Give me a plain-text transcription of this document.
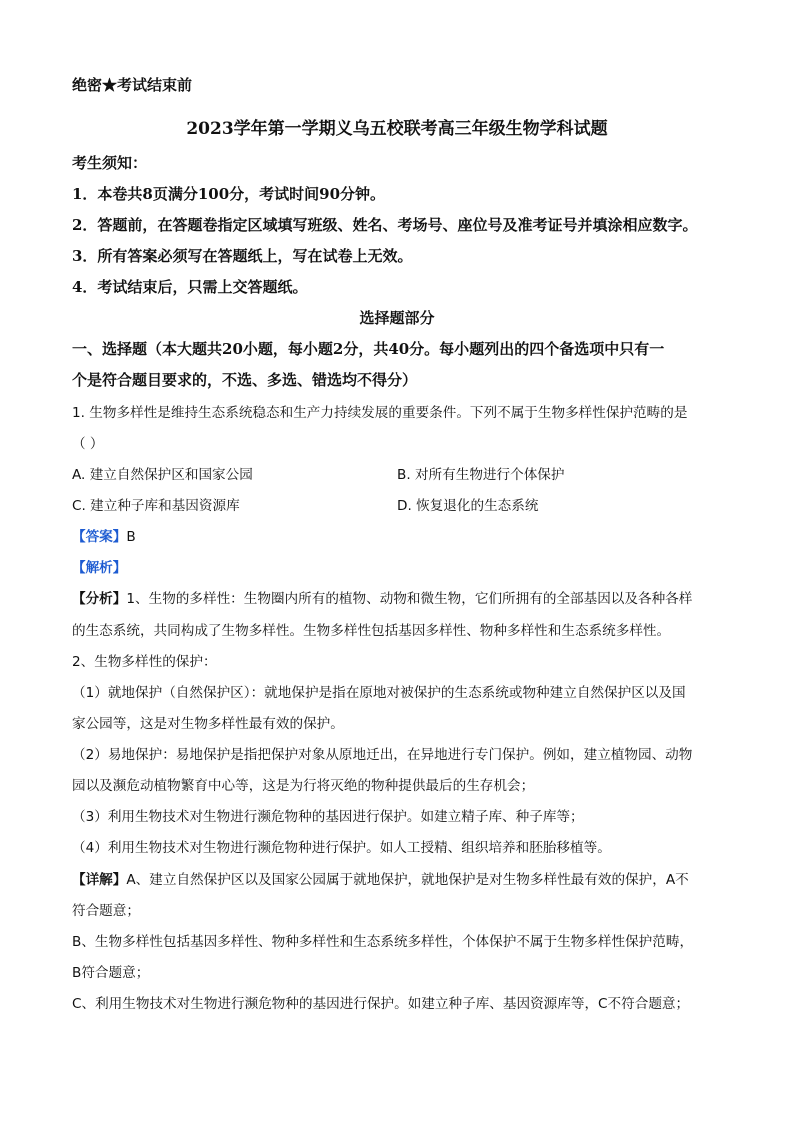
绝密★考试结束前
2023学年第一学期义乌五校联考高三年级生物学科试题
考生须知：
1．本卷共8页满分100分，考试时间90分钟。
2．答题前，在答题卷指定区域填写班级、姓名、考场号、座位号及准考证号并填涂相应数字。
3．所有答案必须写在答题纸上，写在试卷上无效。
4．考试结束后，只需上交答题纸。
选择题部分
一、选择题（本大题共20小题，每小题2分，共40分。每小题列出的四个备选项中只有一
个是符合题目要求的，不选、多选、错选均不得分）
1. 生物多样性是维持生态系统稳态和生产力持续发展的重要条件。下列不属于生物多样性保护范畴的是
（ ）
A. 建立自然保护区和国家公园	B. 对所有生物进行个体保护
C. 建立种子库和基因资源库	D. 恢复退化的生态系统
【答案】B
【解析】
【分析】1、生物的多样性：生物圈内所有的植物、动物和微生物，它们所拥有的全部基因以及各种各样
的生态系统，共同构成了生物多样性。生物多样性包括基因多样性、物种多样性和生态系统多样性。
2、生物多样性的保护：
（1）就地保护（自然保护区）：就地保护是指在原地对被保护的生态系统或物种建立自然保护区以及国
家公园等，这是对生物多样性最有效的保护。
（2）易地保护：易地保护是指把保护对象从原地迁出，在异地进行专门保护。例如，建立植物园、动物
园以及濒危动植物繁育中心等，这是为行将灭绝的物种提供最后的生存机会；
（3）利用生物技术对生物进行濒危物种的基因进行保护。如建立精子库、种子库等；
（4）利用生物技术对生物进行濒危物种进行保护。如人工授精、组织培养和胚胎移植等。
【详解】A、建立自然保护区以及国家公园属于就地保护，就地保护是对生物多样性最有效的保护，A不
符合题意；
B、生物多样性包括基因多样性、物种多样性和生态系统多样性，个体保护不属于生物多样性保护范畴，
B符合题意；
C、利用生物技术对生物进行濒危物种的基因进行保护。如建立种子库、基因资源库等，C不符合题意；
